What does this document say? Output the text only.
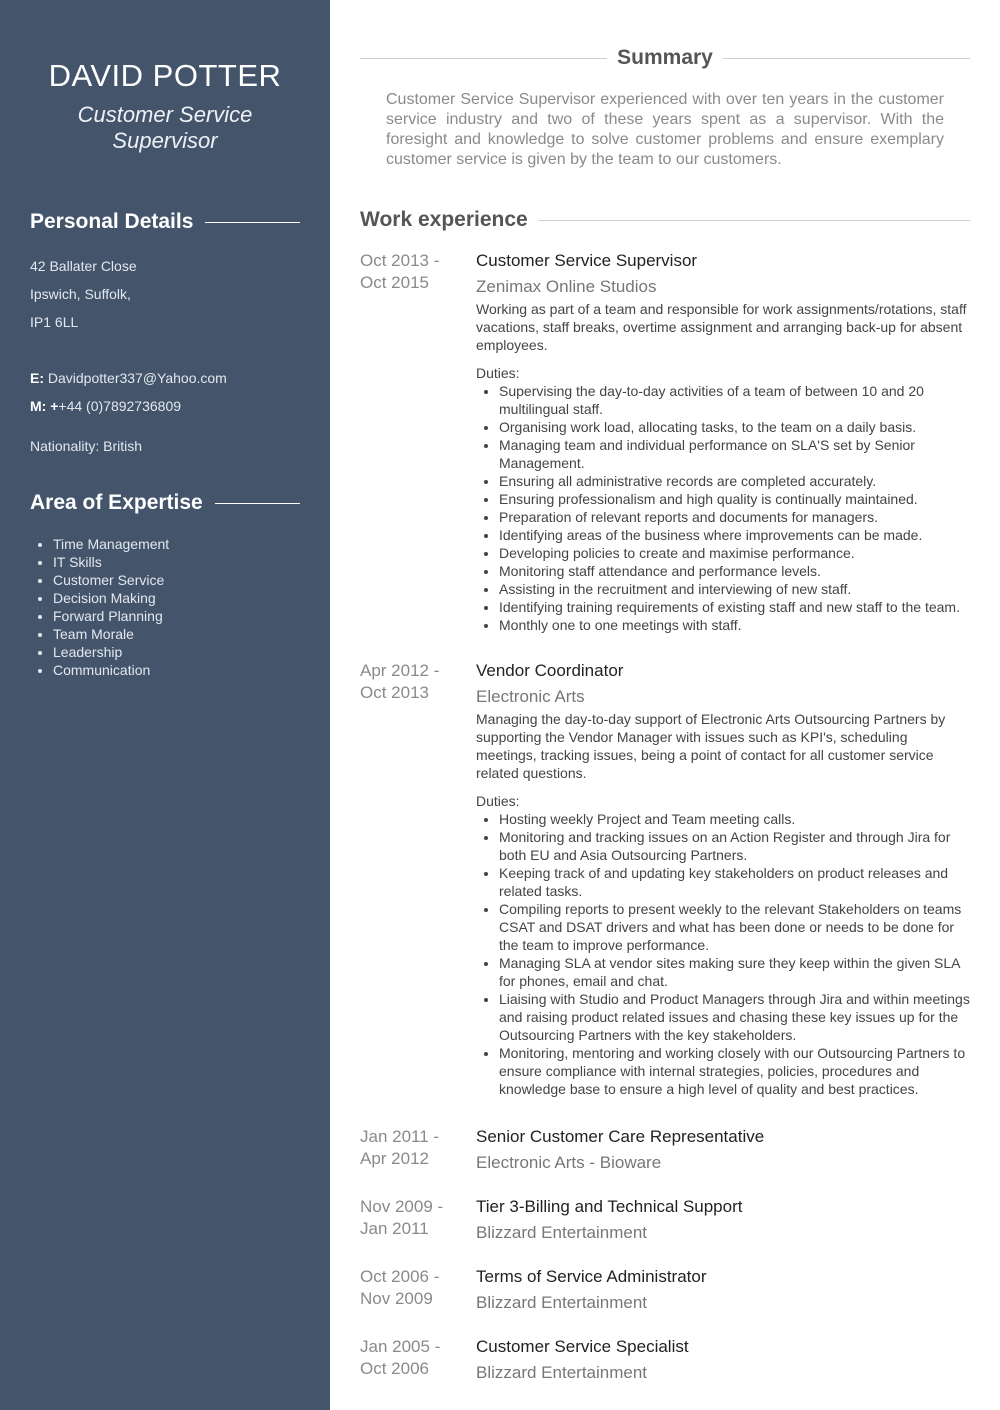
DAVID POTTER
Customer Service Supervisor
Personal Details
42 Ballater Close
Ipswich, Suffolk,
IP1 6LL
E: Davidpotter337@Yahoo.com
M: ++44 (0)7892736809
Nationality: British
Area of Expertise
• Time Management
• IT Skills
• Customer Service
• Decision Making
• Forward Planning
• Team Morale
• Leadership
• Communication
Summary

Customer Service Supervisor experienced with over ten years in the customer service industry and two of these years spent as a supervisor. With the foresight and knowledge to solve customer problems and ensure exemplary customer service is given by the team to our customers.

Work experience
Oct 2013 -
Oct 2015
Customer Service Supervisor
Zenimax Online Studios
Working as part of a team and responsible for work assignments/rotations, staff vacations, staff breaks, overtime assignment and arranging back-up for absent employees.
Duties:
• Supervising the day-to-day activities of a team of between 10 and 20 multilingual staff.
• Organising work load, allocating tasks, to the team on a daily basis.
• Managing team and individual performance on SLA'S set by Senior Management.
• Ensuring all administrative records are completed accurately.
• Ensuring professionalism and high quality is continually maintained.
• Preparation of relevant reports and documents for managers.
• Identifying areas of the business where improvements can be made.
• Developing policies to create and maximise performance.
• Monitoring staff attendance and performance levels.
• Assisting in the recruitment and interviewing of new staff.
• Identifying training requirements of existing staff and new staff to the team.
• Monthly one to one meetings with staff.
Apr 2012 -
Oct 2013
Vendor Coordinator
Electronic Arts
Managing the day-to-day support of Electronic Arts Outsourcing Partners by supporting the Vendor Manager with issues such as KPI's, scheduling meetings, tracking issues, being a point of contact for all customer service related questions.
Duties:
• Hosting weekly Project and Team meeting calls.
• Monitoring and tracking issues on an Action Register and through Jira for both EU and Asia Outsourcing Partners.
• Keeping track of and updating key stakeholders on product releases and related tasks.
• Compiling reports to present weekly to the relevant Stakeholders on teams CSAT and DSAT drivers and what has been done or needs to be done for the team to improve performance.
• Managing SLA at vendor sites making sure they keep within the given SLA for phones, email and chat.
• Liaising with Studio and Product Managers through Jira and within meetings and raising product related issues and chasing these key issues up for the Outsourcing Partners with the key stakeholders.
• Monitoring, mentoring and working closely with our Outsourcing Partners to ensure compliance with internal strategies, policies, procedures and knowledge base to ensure a high level of quality and best practices.
Jan 2011 -
Apr 2012
Senior Customer Care Representative
Electronic Arts - Bioware
Nov 2009 -
Jan 2011
Tier 3-Billing and Technical Support
Blizzard Entertainment
Oct 2006 -
Nov 2009
Terms of Service Administrator
Blizzard Entertainment
Jan 2005 -
Oct 2006
Customer Service Specialist
Blizzard Entertainment
